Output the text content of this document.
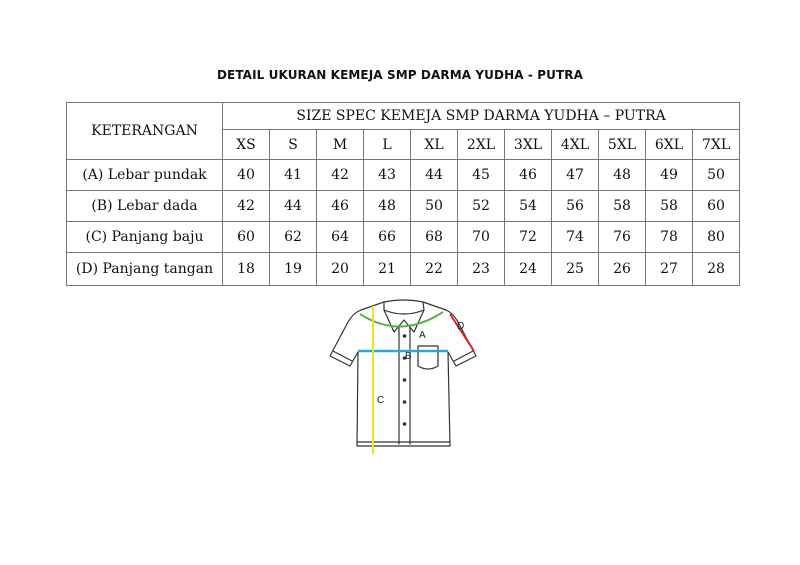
DETAIL UKURAN KEMEJA SMP DARMA YUDHA - PUTRA
KETERANGAN	SIZE SPEC KEMEJA SMP DARMA YUDHA – PUTRA										
	XS	S	M	L	XL	2XL	3XL	4XL	5XL	6XL	7XL
(A) Lebar pundak	40	41	42	43	44	45	46	47	48	49	50
(B) Lebar dada	42	44	46	48	50	52	54	56	58	58	60
(C) Panjang baju	60	62	64	66	68	70	72	74	76	78	80
(D) Panjang tangan	18	19	20	21	22	23	24	25	26	27	28
A
B
C
D
